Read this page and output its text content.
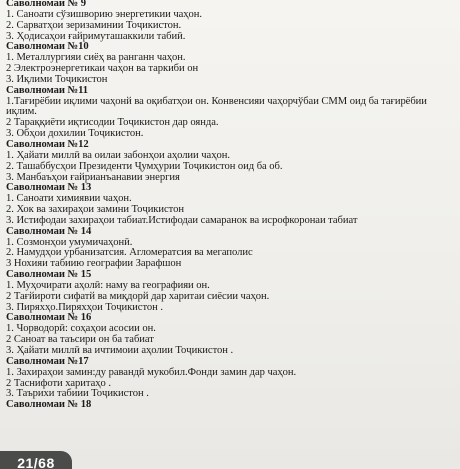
Саволномаи № 9

1. Саноати сўзишворию энергетикии чаҳон.

2. Сарватҳои зеризаминии Тоҷикистон.

3. Ҳодисаҳои ғайримуташаккили табиӣ.

Саволномаи №10

1. Металлургияи сиёҳ ва ранганн чаҳон.

2 Электроэнергетикаи чаҳон ва таркиби он

3. Иқлими Тоҷикистон

Саволномаи №11

1.Тағирёбии иқлими чаҳонй ва оқибатҳои он. Конвенсияи чаҳорчўбаи СММ оид ба тағирёбии иқлим.

2 Тараққиёти иқтисодии Тоҷикистон дар оянда.

3. Обҳои дохилии Тоҷикистон.

Саволномаи №12

1. Ҳайати миллӣ ва оилаи забонҳои аҳолии чаҳон.

2. Ташаббусҳои Президенти Ҷумҳурии Тоҷикистон оид ба об.

3. Манбаъҳои ғайрианъанавии энергия

Саволномаи № 13

1. Саноати химиявии чаҳон.

2. Хок ва захираҳои замини Тоҷикистон

3. Истифодаи захираҳои табиат.Истифодаи самаранок ва исрофкоронаи табиат

Саволномаи № 14

1. Созмонҳои умумичаҳонӣ.

2. Намудҳои урбанизатсия. Агломератсия ва мегаполис

3 Нохияи табиию географии Зарафшон

Саволномаи № 15

1. Муҳочирати аҳолӣ: наму ва географияи он.

2 Тағйироти сифатй ва миқдорй дар харитаи сиёсии чаҳон.

3. Пиряхҳо.Пиряхҳои Тоҷикистон .

Саволномаи № 16

1. Чорводорӣ: соҳаҳои асосии он.

2 Саноат ва таъсири он ба табиат

3. Ҳайати миллӣ ва ичтимоии аҳолии Тоҷикистон .

Саволномаи №17

1. Захираҳои замин:ду равандӣ мукобил.Фонди замин дар чаҳон.

2 Таснифоти харитаҳо .

3. Таърихи табиии Тоҷикистон .

Саволномаи № 18

21/68
